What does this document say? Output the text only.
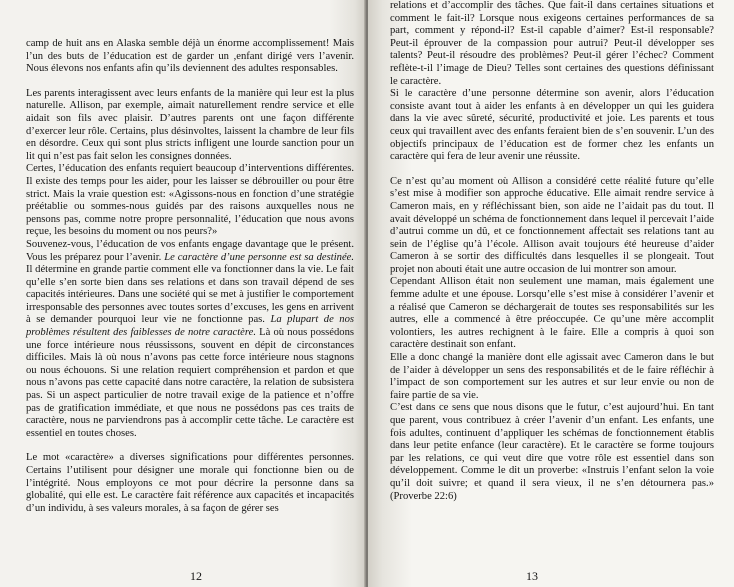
camp de huit ans en Alaska semble déjà un énorme accomplissement! Mais l’un des buts de l’éducation est de garder un ,enfant dirigé vers l’avenir. Nous élevons nos enfants afin qu’ils deviennent des adultes responsables.

Les parents interagissent avec leurs enfants de la manière qui leur est la plus naturelle. Allison, par exemple, aimait naturellement rendre service et elle aidait son fils avec plaisir. D’autres parents ont une façon différente d’exercer leur rôle. Certains, plus désinvoltes, laissent la chambre de leur fils en désordre. Ceux qui sont plus stricts infligent une lourde sanction pour un lit qui n’est pas fait selon les consignes données.

Certes, l’éducation des enfants requiert beaucoup d’interventions différentes. Il existe des temps pour les aider, pour les laisser se débrouiller ou pour être strict. Mais la vraie question est: «Agissons-nous en fonction d’une stratégie préétablie ou sommes-nous guidés par des raisons auxquelles nous ne pensons pas, comme notre propre personnalité, l’éducation que nous avons reçue, les besoins du moment ou nos peurs?»

Souvenez-vous, l’éducation de vos enfants engage davantage que le présent. Vous les préparez pour l’avenir. Le caractère d’une personne est sa destinée. Il détermine en grande partie comment elle va fonctionner dans la vie. Le fait qu’elle s’en sorte bien dans ses relations et dans son travail dépend de ses capacités intérieures. Dans une société qui se met à justifier le comportement irresponsable des personnes avec toutes sortes d’excuses, les gens en arrivent à se demander pourquoi leur vie ne fonctionne pas. La plupart de nos problèmes résultent des faiblesses de notre caractère. Là où nous possédons une force intérieure nous réussissons, souvent en dépit de circonstances difficiles. Mais là où nous n’avons pas cette force intérieure nous stagnons ou nous échouons. Si une relation requiert compréhension et pardon et que nous n’avons pas cette capacité dans notre caractère, la relation de subsistera pas. Si un aspect particulier de notre travail exige de la patience et n’offre pas de gratification immédiate, et que nous ne possédons pas ces traits de caractère, nous ne parviendrons pas à accomplir cette tâche. Le caractère est essentiel en toutes choses.

Le mot «caractère» a diverses significations pour différentes personnes. Certains l’utilisent pour désigner une morale qui fonctionne bien ou de l’intégrité. Nous employons ce mot pour décrire la personne dans sa globalité, qui elle est. Le caractère fait référence aux capacités et incapacités d’un individu, à ses valeurs morales, à sa façon de gérer ses

12

relations et d’accomplir des tâches. Que fait-il dans certaines situations et comment le fait-il? Lorsque nous exigeons certaines performances de sa part, comment y répond-il? Est-il capable d’aimer? Est-il responsable? Peut-il éprouver de la compassion pour autrui? Peut-il développer ses talents? Peut-il résoudre des problèmes? Peut-il gérer l’échec? Comment reflète-t-il l’image de Dieu? Telles sont certaines des questions définissant le caractère.

Si le caractère d’une personne détermine son avenir, alors l’éducation consiste avant tout à aider les enfants à en développer un qui les guidera dans la vie avec sûreté, sécurité, productivité et joie. Les parents et tous ceux qui travaillent avec des enfants feraient bien de s’en souvenir. L’un des objectifs principaux de l’éducation est de former chez les enfants un caractère qui fera de leur avenir une réussite.

Ce n’est qu’au moment où Allison a considéré cette réalité future qu’elle s’est mise à modifier son approche éducative. Elle aimait rendre service à Cameron mais, en y réfléchissant bien, son aide ne l’aidait pas du tout. Il avait développé un schéma de fonctionnement dans lequel il percevait l’aide d’autrui comme un dû, et ce fonctionnement affectait ses relations tant au sein de l’église qu’à l’école. Allison avait toujours été heureuse d’aider Cameron à se sortir des difficultés dans lesquelles il se plongeait. Tout projet non abouti était une autre occasion de lui montrer son amour.

Cependant Allison était non seulement une maman, mais également une femme adulte et une épouse. Lorsqu’elle s’est mise à considérer l’avenir et a réalisé que Cameron se déchargerait de toutes ses responsabilités sur les autres, elle a commencé à être préoccupée. Ce qu’une mère accomplit volontiers, les autres rechignent à le faire. Elle a compris à quoi son caractère destinait son enfant.

Elle a donc changé la manière dont elle agissait avec Cameron dans le but de l’aider à développer un sens des responsabilités et de le faire réfléchir à l’impact de son comportement sur les autres et sur leur envie ou non de faire partie de sa vie.

C’est dans ce sens que nous disons que le futur, c’est aujourd’hui. En tant que parent, vous contribuez à créer l’avenir d’un enfant. Les enfants, une fois adultes, continuent d’appliquer les schémas de fonctionnement établis dans leur petite enfance (leur caractère). Et le caractère se forme toujours par les relations, ce qui veut dire que votre rôle est essentiel dans son développement. Comme le dit un proverbe: «Instruis l’enfant selon la voie qu’il doit suivre; et quand il sera vieux, il ne s’en détournera pas.» (Proverbe 22:6)

13
